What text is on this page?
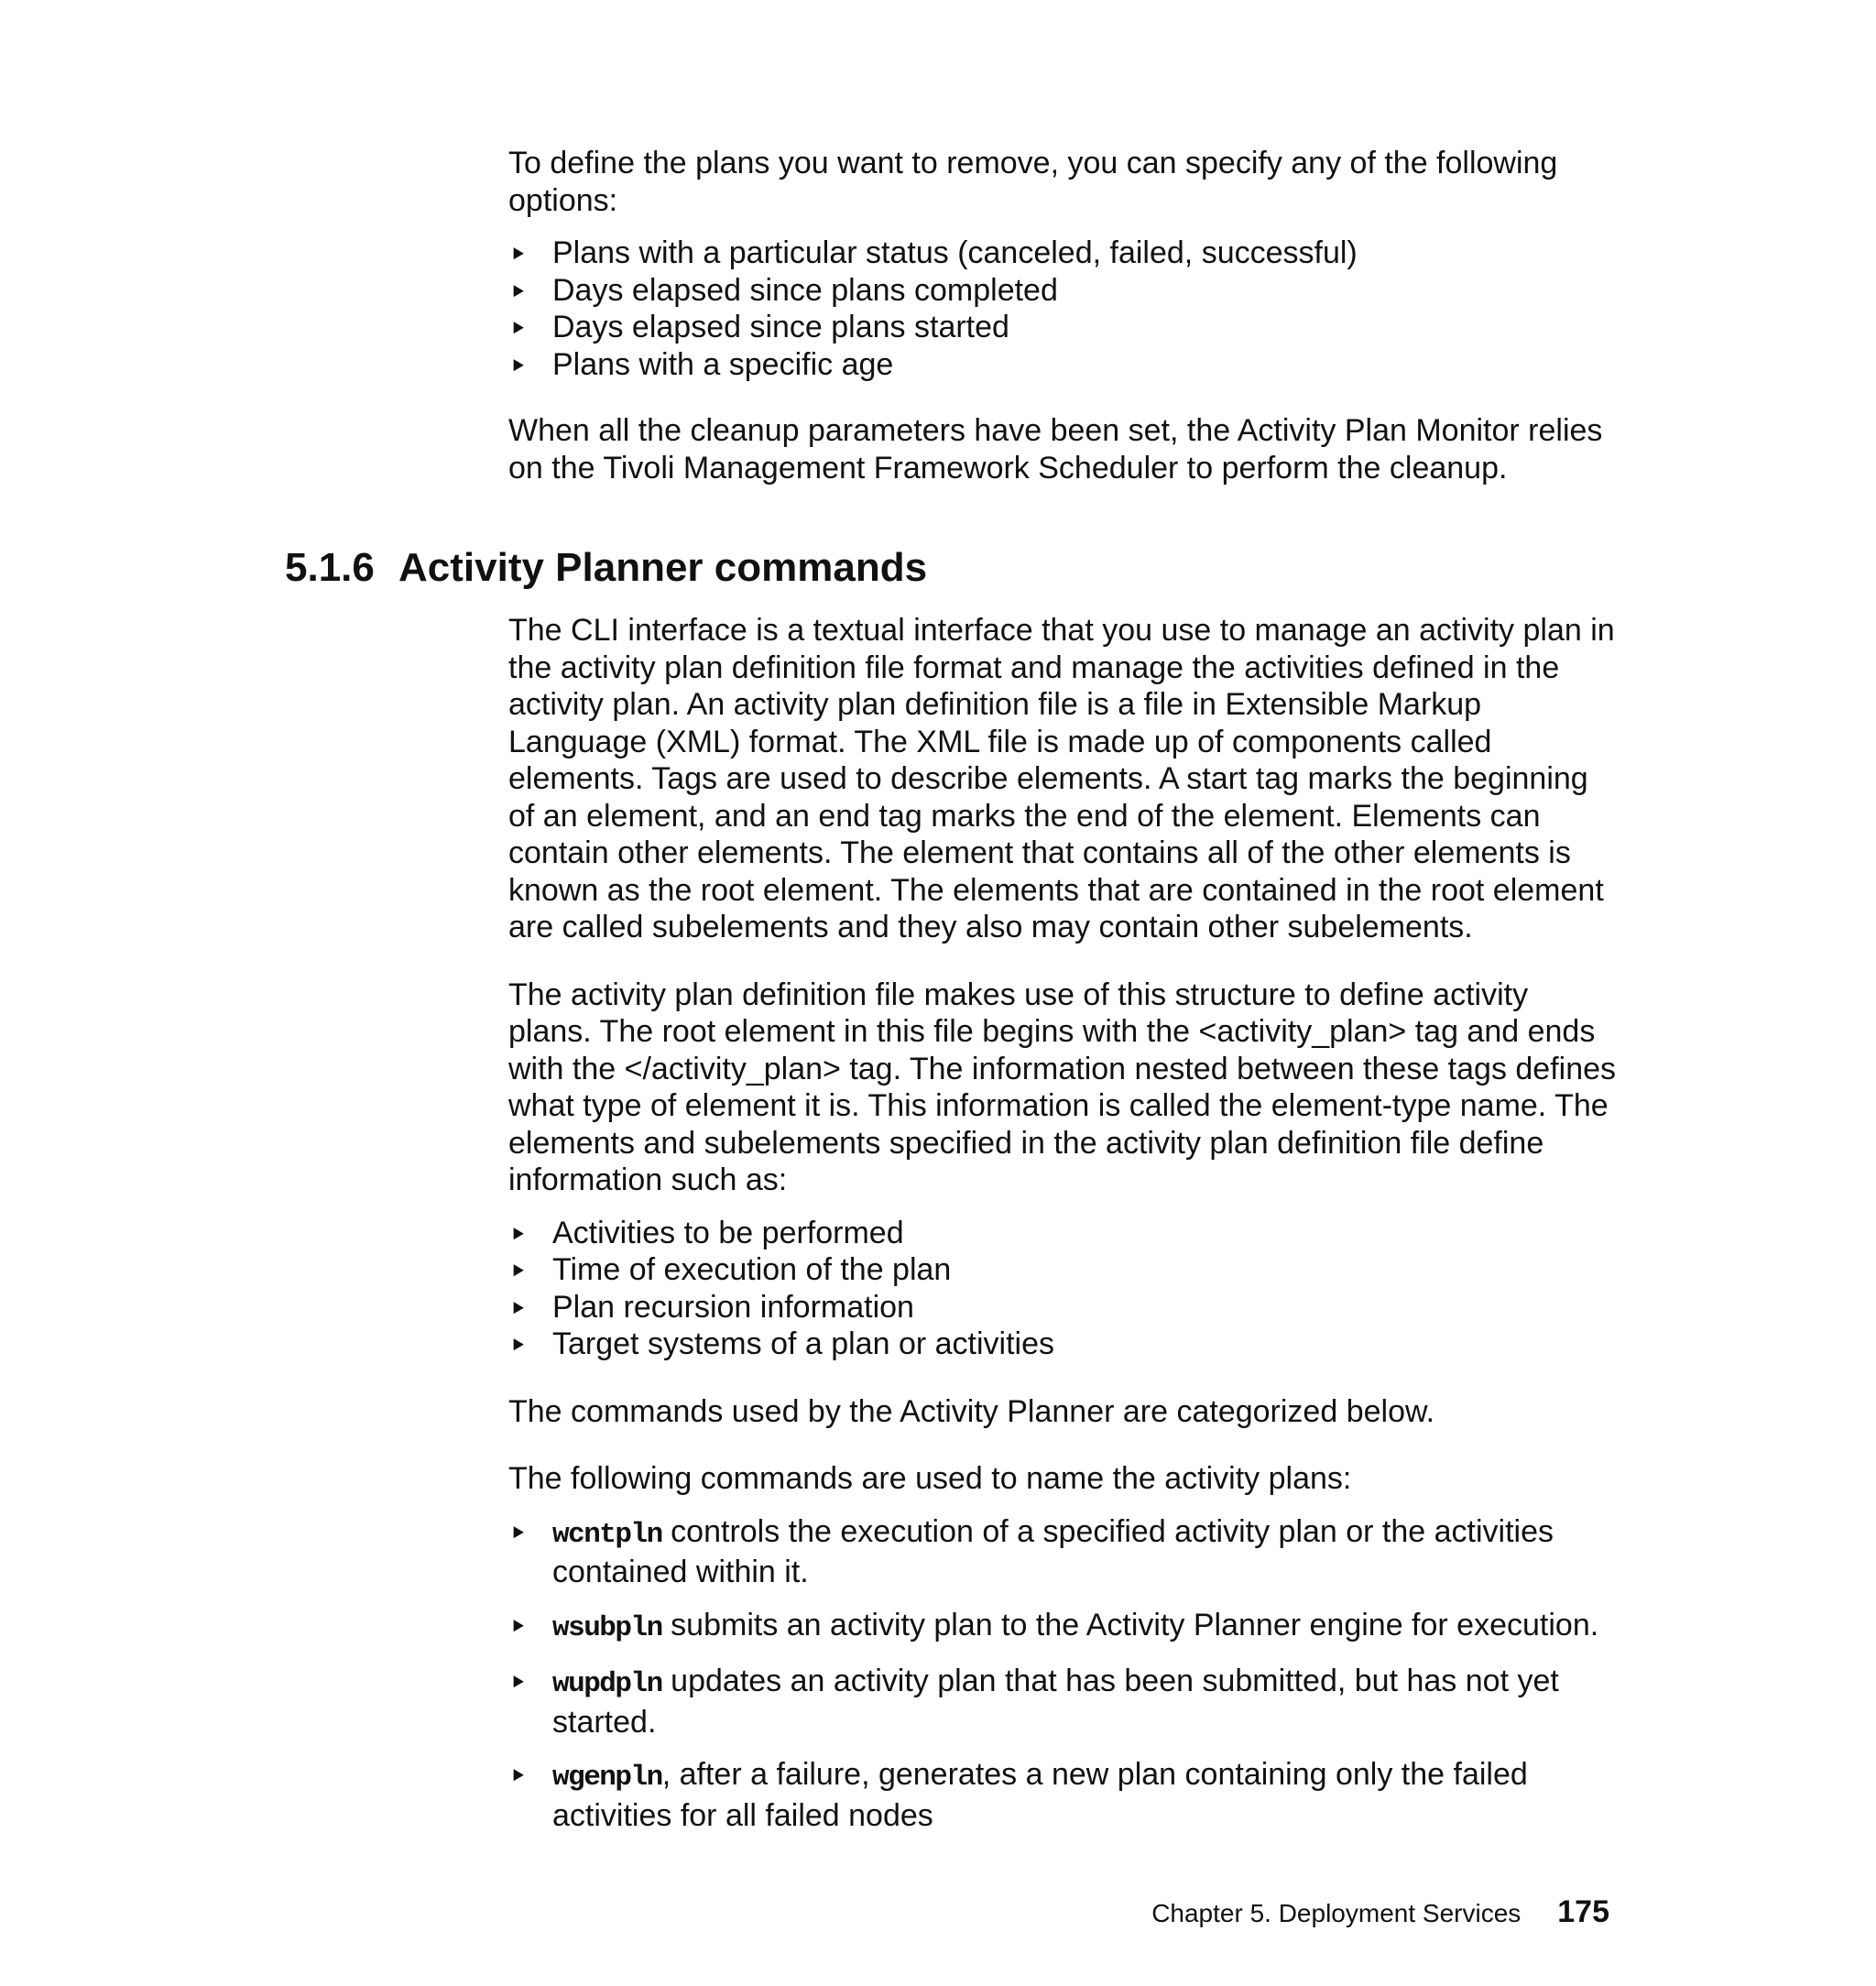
To define the plans you want to remove, you can specify any of the following options:

► Plans with a particular status (canceled, failed, successful)
► Days elapsed since plans completed
► Days elapsed since plans started
► Plans with a specific age

When all the cleanup parameters have been set, the Activity Plan Monitor relies on the Tivoli Management Framework Scheduler to perform the cleanup.

5.1.6 Activity Planner commands

The CLI interface is a textual interface that you use to manage an activity plan in the activity plan definition file format and manage the activities defined in the activity plan. An activity plan definition file is a file in Extensible Markup Language (XML) format. The XML file is made up of components called elements. Tags are used to describe elements. A start tag marks the beginning of an element, and an end tag marks the end of the element. Elements can contain other elements. The element that contains all of the other elements is known as the root element. The elements that are contained in the root element are called subelements and they also may contain other subelements.

The activity plan definition file makes use of this structure to define activity plans. The root element in this file begins with the <activity_plan> tag and ends with the </activity_plan> tag. The information nested between these tags defines what type of element it is. This information is called the element-type name. The elements and subelements specified in the activity plan definition file define information such as:

► Activities to be performed
► Time of execution of the plan
► Plan recursion information
► Target systems of a plan or activities

The commands used by the Activity Planner are categorized below.

The following commands are used to name the activity plans:

► wcntpln controls the execution of a specified activity plan or the activities contained within it.
► wsubpln submits an activity plan to the Activity Planner engine for execution.
► wupdpln updates an activity plan that has been submitted, but has not yet started.
► wgenpln, after a failure, generates a new plan containing only the failed activities for all failed nodes
Chapter 5. Deployment Services 175
